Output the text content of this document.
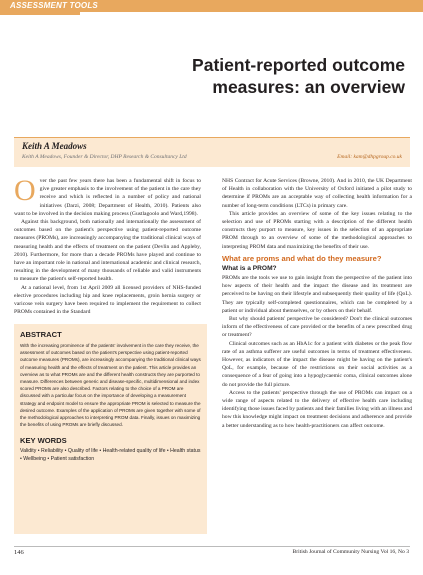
ASSESSMENT TOOLS
Patient-reported outcome
measures: an overview
Keith A Meadows
Keith A Meadows, Founder & Director, DHP Research & Consultancy Ltd	Email: kam@dhpgroup.co.uk

Over the past few years there has been a fundamental shift in focus to give greater emphasis to the involvement of the patient in the care they receive and which is reflected in a number of policy and national initiatives (Darzi, 2008; Department of Health, 2010). Patients also want to be involved in the decision making process (Gustlagoolo and Ward,1998).

Against this background, both nationally and internationally the assessment of outcomes based on the patient's perspective using patient-reported outcome measures (PROMs), are increasingly accompanying the traditional clinical ways of measuring health and the effects of treatment on the patient (Devlin and Appleby, 2010). Furthermore, for more than a decade PROMs have played and continue to have an important role in national and international academic and clinical research, resulting in the development of many thousands of reliable and valid instruments to measure the patient's self-reported health.

At a national level, from 1st April 2009 all licensed providers of NHS-funded elective procedures including hip and knee replacements, groin hernia surgery or varicose vein surgery have been required to implement the requirement to collect PROMs contained in the Standard

ABSTRACT
With the increasing prominence of the patients' involvement in the care they receive, the assessment of outcomes based on the patient's perspective using patient-reported outcome measures (PROMs), are increasingly accompanying the traditional clinical ways of measuring health and the effects of treatment on the patient. This article provides an overview as to what PROMs are and the different health constructs they are purported to measure. Differences between generic and disease-specific, multidimensional and index scored PROMs are also described. Factors relating to the choice of a PROM are discussed with a particular focus on the importance of developing a measurement strategy and endpoint model to ensure the appropriate PROM is selected to measure the desired outcome. Examples of the application of PROMs are given together with some of the methodological approaches to interpreting PROM data. Finally, issues on maximizing the benefits of using PROMs are briefly discussed.
KEY WORDS
Validity • Reliability • Quality of life • Health-related quality of life • Health status • Wellbeing • Patient satisfaction

NHS Contract for Acute Services (Browne, 2010). And in 2010, the UK Department of Health in collaboration with the University of Oxford initiated a pilot study to determine if PROMs are an acceptable way of collecting health information for a number of long-term conditions (LTCs) in primary care.

This article provides an overview of some of the key issues relating to the selection and use of PROMs starting with a description of the different health constructs they purport to measure, key issues in the selection of an appropriate PROM through to an overview of some of the methodological approaches to interpreting PROM data and maximizing the benefits of their use.

What are proms and what do they measure?
What is a PROM?

PROMs are the tools we use to gain insight from the perspective of the patient into how aspects of their health and the impact the disease and its treatment are perceived to be having on their lifestyle and subsequently their quality of life (QoL). They are typically self-completed questionnaires, which can be completed by a patient or individual about themselves, or by others on their behalf.

But why should patients' perspective be considered? Don't the clinical outcomes inform of the effectiveness of care provided or the benefits of a new prescribed drug or treatment?

Clinical outcomes such as an HbA1c for a patient with diabetes or the peak flow rate of an asthma sufferer are useful outcomes in terms of treatment effectiveness. However, as indicators of the impact the disease might be having on the patient's QoL, for example, because of the restrictions on their social activities as a consequence of a fear of going into a hypoglycaemic coma, clinical outcomes alone do not provide the full picture.

Access to the patients' perspective through the use of PROMs can impact on a wide range of aspects related to the delivery of effective health care including identifying those issues faced by patients and their families living with an illness and how this knowledge might impact on treatment decisions and adherence and provide a better understanding as to how health-practitioners can affect outcome.

146	British Journal of Community Nursing Vol 16, No 3
